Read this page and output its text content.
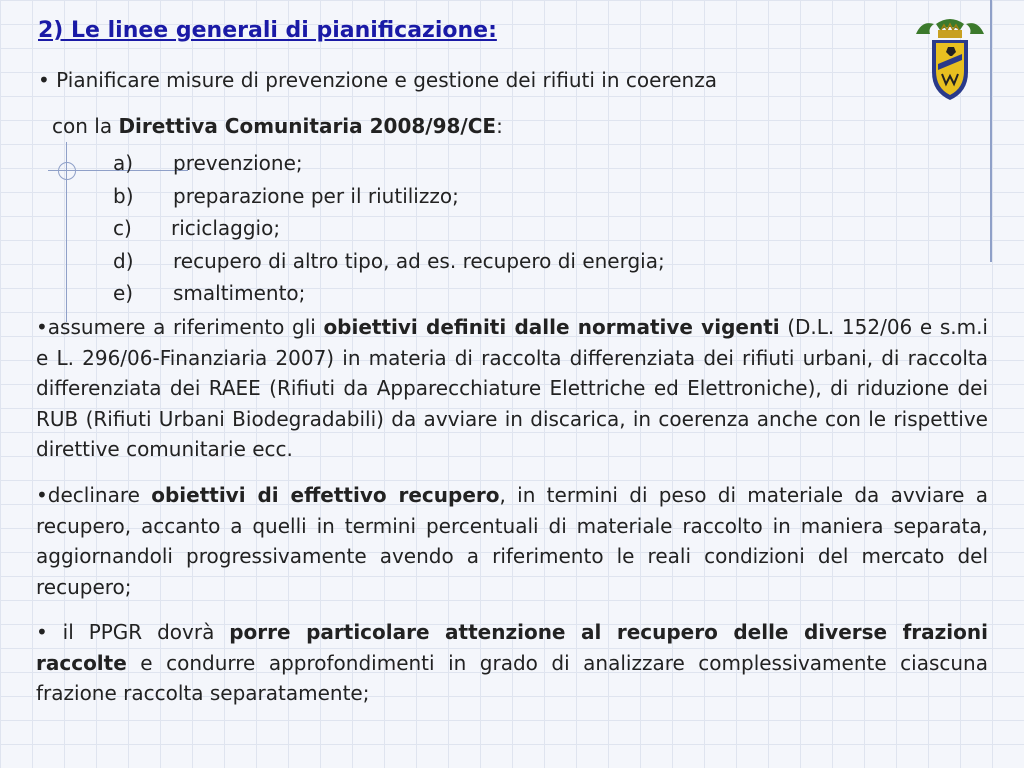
2) Le linee generali di pianificazione:
• Pianificare misure di prevenzione e gestione dei rifiuti in coerenza
con la Direttiva Comunitaria 2008/98/CE:
a) prevenzione;
b) preparazione per il riutilizzo;
c) riciclaggio;
d) recupero di altro tipo, ad es. recupero di energia;
e) smaltimento;

•assumere a riferimento gli obiettivi definiti dalle normative vigenti (D.L. 152/06 e s.m.i e L. 296/06-Finanziaria 2007) in materia di raccolta differenziata dei rifiuti urbani, di raccolta differenziata dei RAEE (Rifiuti da Apparecchiature Elettriche ed Elettroniche), di riduzione dei RUB (Rifiuti Urbani Biodegradabili) da avviare in discarica, in coerenza anche con le rispettive direttive comunitarie ecc.

•declinare obiettivi di effettivo recupero, in termini di peso di materiale da avviare a recupero, accanto a quelli in termini percentuali di materiale raccolto in maniera separata, aggiornandoli progressivamente avendo a riferimento le reali condizioni del mercato del recupero;

• il PPGR dovrà porre particolare attenzione al recupero delle diverse frazioni raccolte e condurre approfondimenti in grado di analizzare complessivamente ciascuna frazione raccolta separatamente;
